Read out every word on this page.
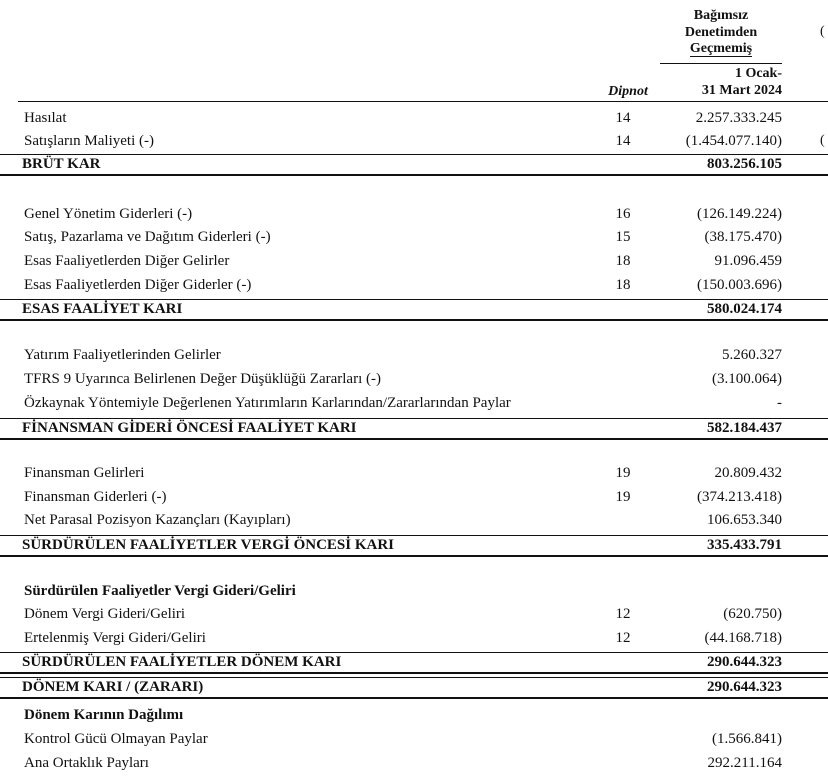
Bağımsız
Denetimden
Geçmemiş
1 Ocak-
31 Mart 2024
Dipnot
(
(
Hasılat	14	2.257.333.245
Satışların Maliyeti (-)	14	(1.454.077.140)
BRÜT KAR	803.256.105
Genel Yönetim Giderleri (-)	16	(126.149.224)
Satış, Pazarlama ve Dağıtım Giderleri (-)	15	(38.175.470)
Esas Faaliyetlerden Diğer Gelirler	18	91.096.459
Esas Faaliyetlerden Diğer Giderler (-)	18	(150.003.696)
ESAS FAALİYET KARI	580.024.174
Yatırım Faaliyetlerinden Gelirler	5.260.327
TFRS 9 Uyarınca Belirlenen Değer Düşüklüğü Zararları (-)	(3.100.064)
Özkaynak Yöntemiyle Değerlenen Yatırımların Karlarından/Zararlarından Paylar	-
FİNANSMAN GİDERİ ÖNCESİ FAALİYET KARI	582.184.437
Finansman Gelirleri	19	20.809.432
Finansman Giderleri (-)	19	(374.213.418)
Net Parasal Pozisyon Kazançları (Kayıpları)	106.653.340
SÜRDÜRÜLEN FAALİYETLER VERGİ ÖNCESİ KARI	335.433.791
Sürdürülen Faaliyetler Vergi Gideri/Geliri
Dönem Vergi Gideri/Geliri	12	(620.750)
Ertelenmiş Vergi Gideri/Geliri	12	(44.168.718)
SÜRDÜRÜLEN FAALİYETLER DÖNEM KARI	290.644.323
DÖNEM KARI / (ZARARI)	290.644.323
Dönem Karının Dağılımı
Kontrol Gücü Olmayan Paylar	(1.566.841)
Ana Ortaklık Payları	292.211.164
